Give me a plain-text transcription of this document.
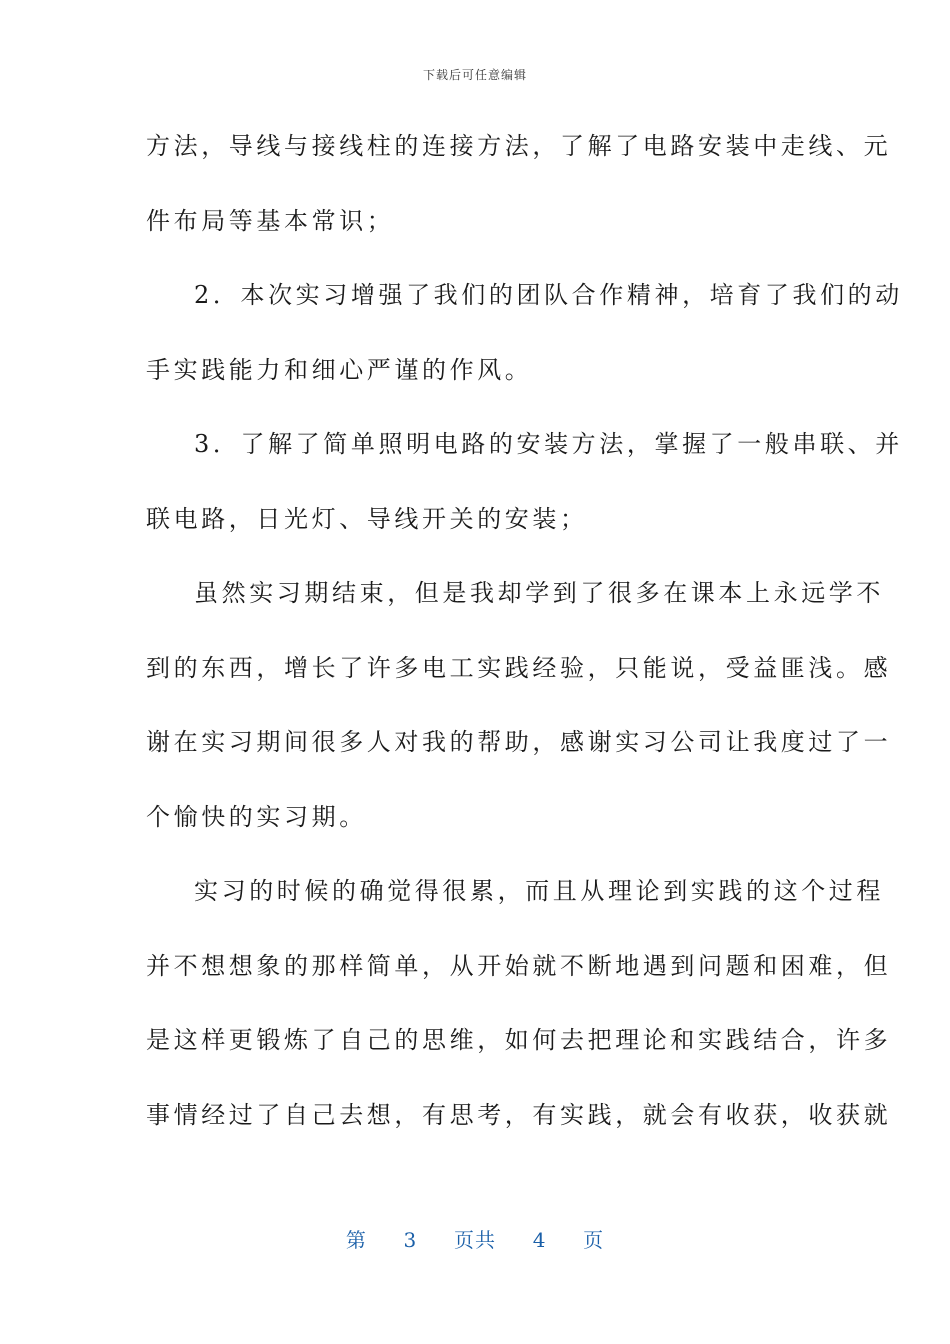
下载后可任意编辑
方法，导线与接线柱的连接方法，了解了电路安装中走线、元
件布局等基本常识；
2．本次实习增强了我们的团队合作精神，培育了我们的动
手实践能力和细心严谨的作风。
3．了解了简单照明电路的安装方法，掌握了一般串联、并
联电路，日光灯、导线开关的安装；
虽然实习期结束，但是我却学到了很多在课本上永远学不
到的东西，增长了许多电工实践经验，只能说，受益匪浅。感
谢在实习期间很多人对我的帮助，感谢实习公司让我度过了一
个愉快的实习期。
实习的时候的确觉得很累，而且从理论到实践的这个过程
并不想想象的那样简单，从开始就不断地遇到问题和困难，但
是这样更锻炼了自己的思维，如何去把理论和实践结合，许多
事情经过了自己去想，有思考，有实践，就会有收获，收获就
第 3 页共 4 页
